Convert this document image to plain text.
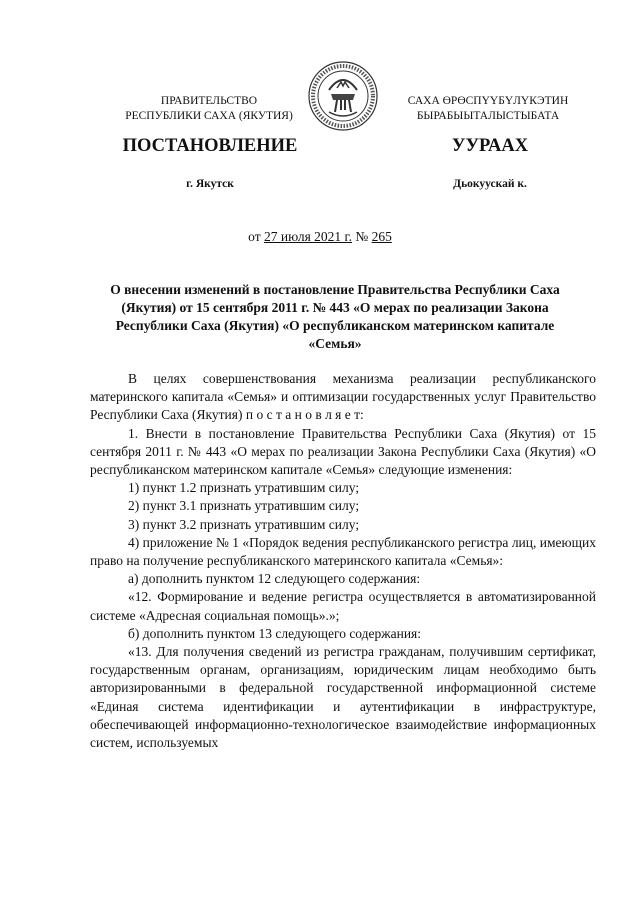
ПРАВИТЕЛЬСТВО
РЕСПУБЛИКИ САХА (ЯКУТИЯ)
САХА ӨРӨСПҮҮБҮЛҮКЭТИН
БЫРАБЫЫТАЛЫСТЫБАТА
ПОСТАНОВЛЕНИЕ	УУРААХ
г. Якутск	Дьокуускай к.
от 27 июля 2021 г. № 265
О внесении изменений в постановление Правительства Республики Саха (Якутия) от 15 сентября 2011 г. № 443 «О мерах по реализации Закона Республики Саха (Якутия) «О республиканском материнском капитале «Семья»

В целях совершенствования механизма реализации республиканского материнского капитала «Семья» и оптимизации государственных услуг Правительство Республики Саха (Якутия) п о с т а н о в л я е т:

1. Внести в постановление Правительства Республики Саха (Якутия) от 15 сентября 2011 г. № 443 «О мерах по реализации Закона Республики Саха (Якутия) «О республиканском материнском капитале «Семья» следующие изменения:

1) пункт 1.2 признать утратившим силу;

2) пункт 3.1 признать утратившим силу;

3) пункт 3.2 признать утратившим силу;

4) приложение № 1 «Порядок ведения республиканского регистра лиц, имеющих право на получение республиканского материнского капитала «Семья»:

а) дополнить пунктом 12 следующего содержания:

«12. Формирование и ведение регистра осуществляется в автоматизированной системе «Адресная социальная помощь».»;

б) дополнить пунктом 13 следующего содержания:

«13. Для получения сведений из регистра гражданам, получившим сертификат, государственным органам, организациям, юридическим лицам необходимо быть авторизированными в федеральной государственной информационной системе «Единая система идентификации и аутентификации в инфраструктуре, обеспечивающей информационно-технологическое взаимодействие информационных систем, используемых
